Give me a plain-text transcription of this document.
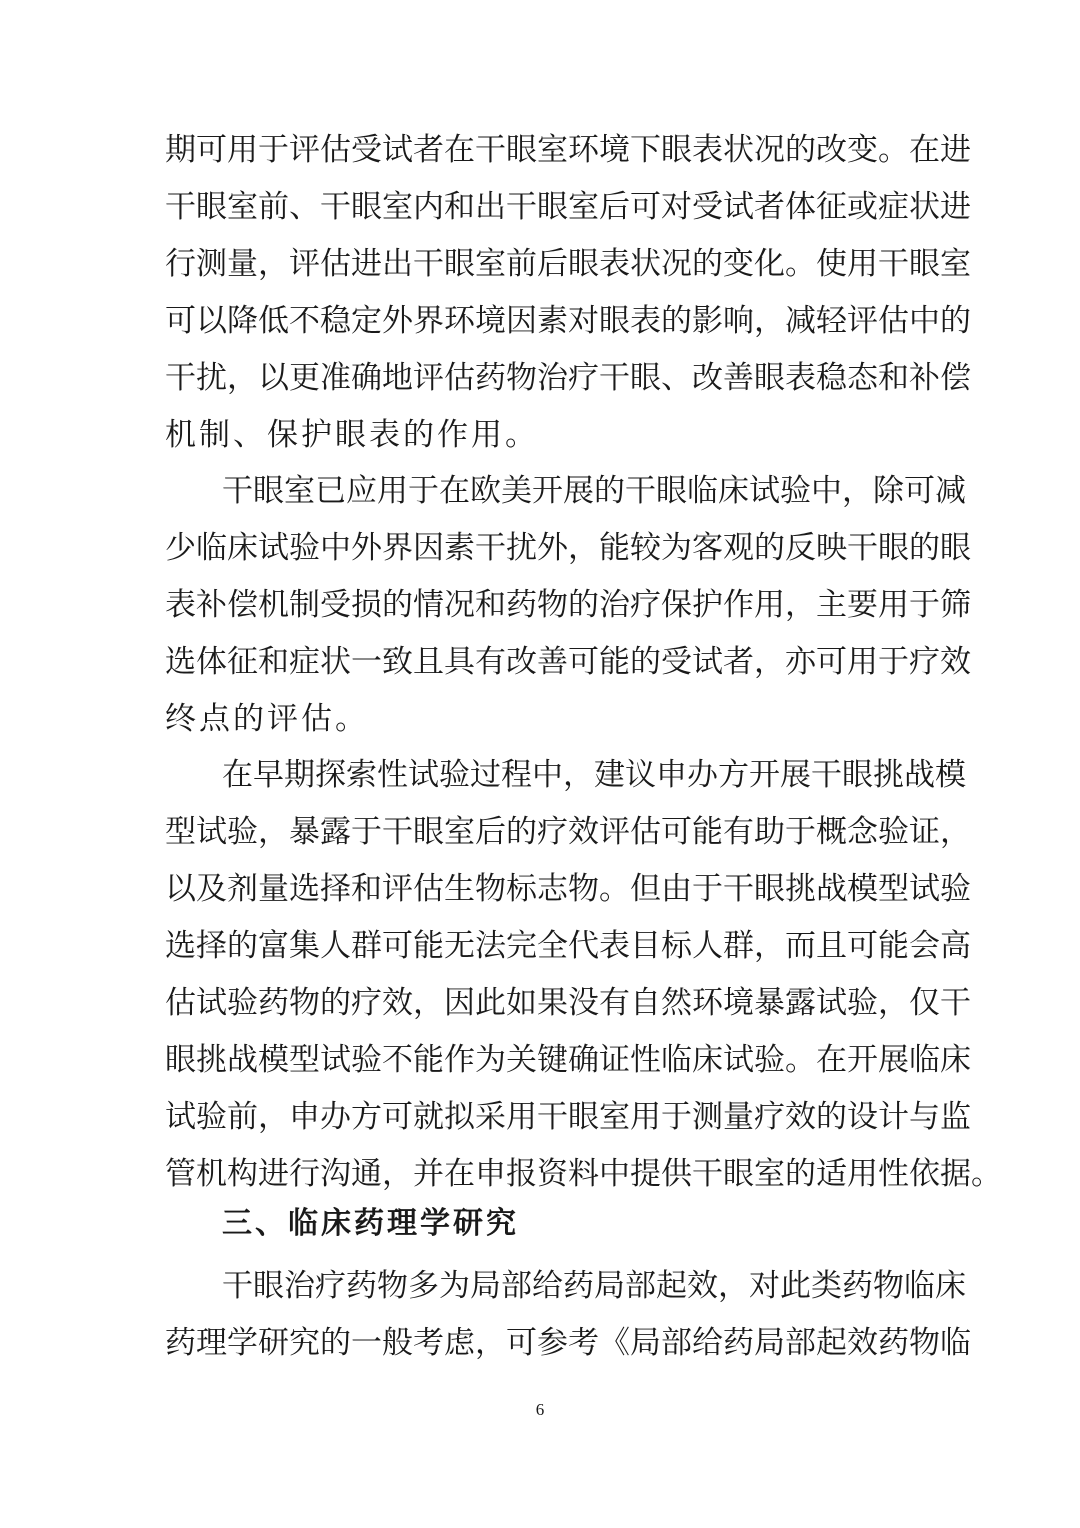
期可用于评估受试者在干眼室环境下眼表状况的改变。在进
干眼室前、干眼室内和出干眼室后可对受试者体征或症状进
行测量，评估进出干眼室前后眼表状况的变化。使用干眼室
可以降低不稳定外界环境因素对眼表的影响，减轻评估中的
干扰，以更准确地评估药物治疗干眼、改善眼表稳态和补偿
机制、保护眼表的作用。
干眼室已应用于在欧美开展的干眼临床试验中，除可减
少临床试验中外界因素干扰外，能较为客观的反映干眼的眼
表补偿机制受损的情况和药物的治疗保护作用，主要用于筛
选体征和症状一致且具有改善可能的受试者，亦可用于疗效
终点的评估。
在早期探索性试验过程中，建议申办方开展干眼挑战模
型试验，暴露于干眼室后的疗效评估可能有助于概念验证，
以及剂量选择和评估生物标志物。但由于干眼挑战模型试验
选择的富集人群可能无法完全代表目标人群，而且可能会高
估试验药物的疗效，因此如果没有自然环境暴露试验，仅干
眼挑战模型试验不能作为关键确证性临床试验。在开展临床
试验前，申办方可就拟采用干眼室用于测量疗效的设计与监
管机构进行沟通，并在申报资料中提供干眼室的适用性依据。
三、临床药理学研究
干眼治疗药物多为局部给药局部起效，对此类药物临床
药理学研究的一般考虑，可参考《局部给药局部起效药物临
6
